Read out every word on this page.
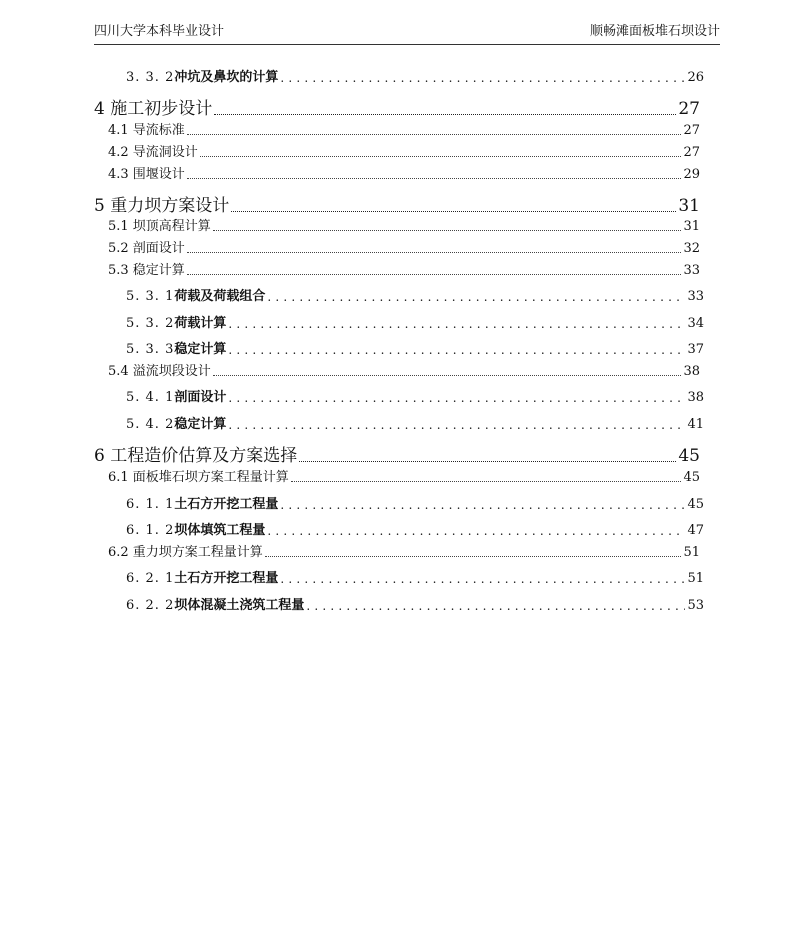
四川大学本科毕业设计	顺畅滩面板堆石坝设计
3. 3. 2冲坑及鼻坎的计算 .....	26
4 施工初步设计	27
4.1 导流标准	27
4.2 导流洞设计	27
4.3 围堰设计	29
5 重力坝方案设计	31
5.1 坝顶高程计算	31
5.2 剖面设计	32
5.3 稳定计算	33
5. 3. 1荷载及荷载组合 .....	33
5. 3. 2荷载计算 .....	34
5. 3. 3稳定计算 .....	37
5.4 溢流坝段设计	38
5. 4. 1剖面设计 .....	38
5. 4. 2稳定计算 .....	41
6 工程造价估算及方案选择	45
6.1 面板堆石坝方案工程量计算	45
6. 1. 1土石方开挖工程量 .....	45
6. 1. 2坝体填筑工程量 .....	47
6.2 重力坝方案工程量计算	51
6. 2. 1土石方开挖工程量 .....	51
6. 2. 2坝体混凝土浇筑工程量 .....	53
